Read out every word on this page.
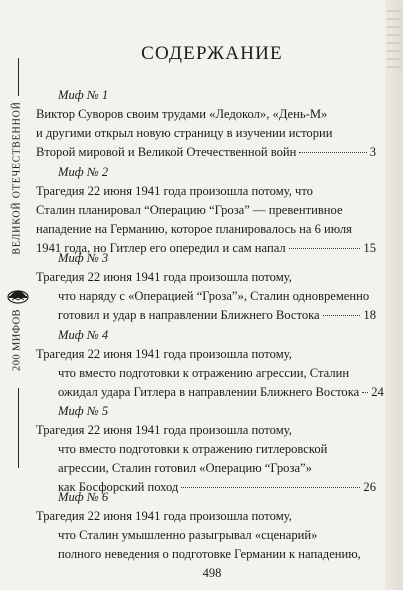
ВЕЛИКОЙ ОТЕЧЕСТВЕННОЙ
200 МИФОВ
СОДЕРЖАНИЕ
Миф № 1
Виктор Суворов своим трудами «Ледокол», «День-М»
и другими открыл новую страницу в изучении истории
Второй мировой и Великой Отечественной войн	3
Миф № 2
Трагедия 22 июня 1941 года произошла потому, что
Сталин планировал “Операцию “Гроза” — превентивное
нападение на Германию, которое планировалось на 6 июля
1941 года, но Гитлер его опередил и сам напал	15
Миф № 3
Трагедия 22 июня 1941 года произошла потому,
что наряду с «Операцией “Гроза”», Сталин одновременно
готовил и удар в направлении Ближнего Востока	18
Миф № 4
Трагедия 22 июня 1941 года произошла потому,
что вместо подготовки к отражению агрессии, Сталин
ожидал удара Гитлера в направлении Ближнего Востока 24
Миф № 5
Трагедия 22 июня 1941 года произошла потому,
что вместо подготовки к отражению гитлеровской
агрессии, Сталин готовил «Операцию “Гроза”»
как Босфорский поход	26
Миф № 6
Трагедия 22 июня 1941 года произошла потому,
что Сталин умышленно разыгрывал «сценарий»
полного неведения о подготовке Германии к нападению,
498
